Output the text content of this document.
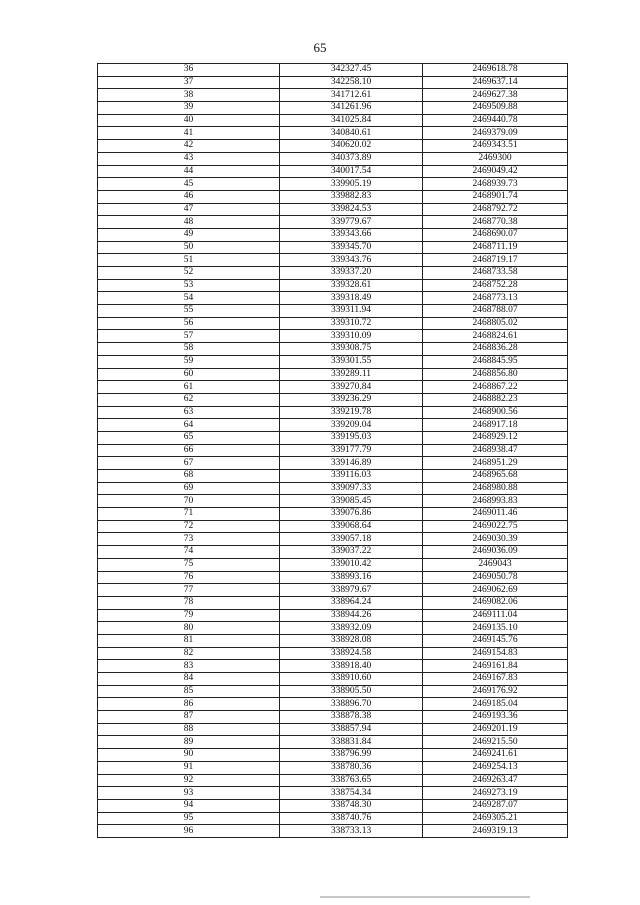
65
36	342327.45	2469618.78
37	342258.10	2469637.14
38	341712.61	2469627.38
39	341261.96	2469509.88
40	341025.84	2469440.78
41	340840.61	2469379.09
42	340620.02	2469343.51
43	340373.89	2469300
44	340017.54	2469049.42
45	339905.19	2468939.73
46	339882.83	2468901.74
47	339824.53	2468792.72
48	339779.67	2468770.38
49	339343.66	2468690.07
50	339345.70	2468711.19
51	339343.76	2468719.17
52	339337.20	2468733.58
53	339328.61	2468752.28
54	339318.49	2468773.13
55	339311.94	2468788.07
56	339310.72	2468805.02
57	339310.09	2468824.61
58	339308.75	2468836.28
59	339301.55	2468845.95
60	339289.11	2468856.80
61	339270.84	2468867.22
62	339236.29	2468882.23
63	339219.78	2468900.56
64	339209.04	2468917.18
65	339195.03	2468929.12
66	339177.79	2468938.47
67	339146.89	2468951.29
68	339116.03	2468965.68
69	339097.33	2468980.88
70	339085.45	2468993.83
71	339076.86	2469011.46
72	339068.64	2469022.75
73	339057.18	2469030.39
74	339037.22	2469036.09
75	339010.42	2469043
76	338993.16	2469050.78
77	338979.67	2469062.69
78	338964.24	2469082.06
79	338944.26	2469111.04
80	338932.09	2469135.10
81	338928.08	2469145.76
82	338924.58	2469154.83
83	338918.40	2469161.84
84	338910.60	2469167.83
85	338905.50	2469176.92
86	338896.70	2469185.04
87	338878.38	2469193.36
88	338857.94	2469201.19
89	338831.84	2469215.50
90	338796.99	2469241.61
91	338780.36	2469254.13
92	338763.65	2469263.47
93	338754.34	2469273.19
94	338748.30	2469287.07
95	338740.76	2469305.21
96	338733.13	2469319.13
